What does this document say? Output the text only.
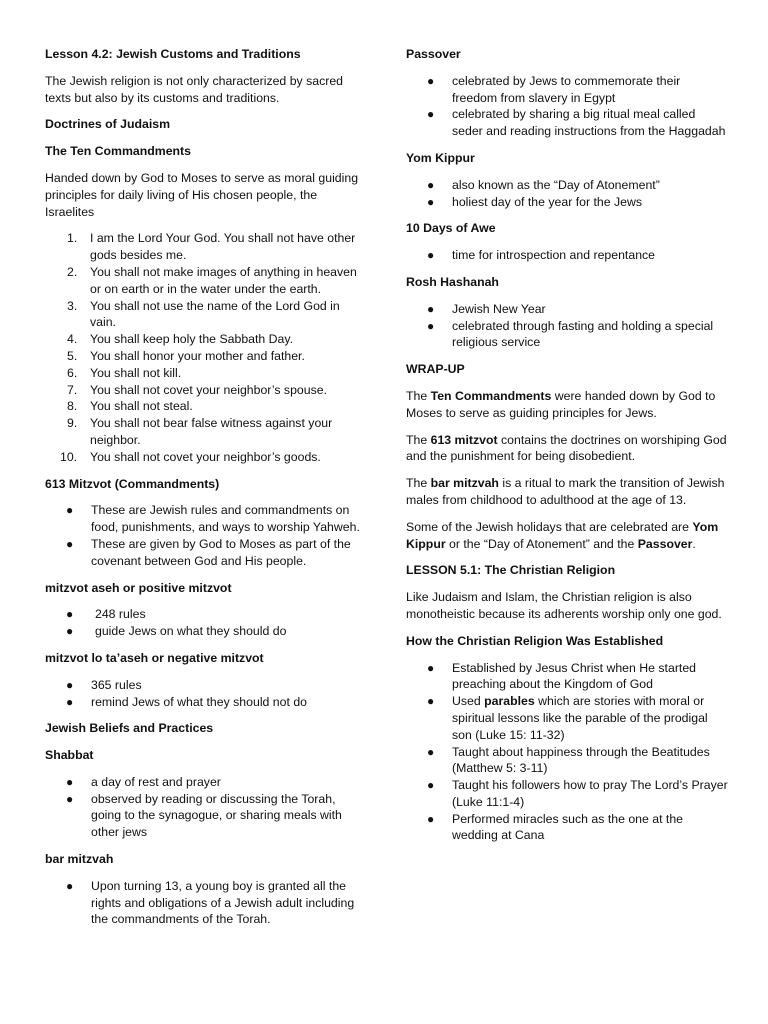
Lesson 4.2: Jewish Customs and Traditions

The Jewish religion is not only characterized by sacred texts but also by its customs and traditions.

Doctrines of Judaism
The Ten Commandments

Handed down by God to Moses to serve as moral guiding principles for daily living of His chosen people, the Israelites

1. I am the Lord Your God. You shall not have other gods besides me.
2. You shall not make images of anything in heaven or on earth or in the water under the earth.
3. You shall not use the name of the Lord God in vain.
4. You shall keep holy the Sabbath Day.
5. You shall honor your mother and father.
6. You shall not kill.
7. You shall not covet your neighbor’s spouse.
8. You shall not steal.
9. You shall not bear false witness against your neighbor.
10. You shall not covet your neighbor’s goods.
613 Mitzvot (Commandments)
● These are Jewish rules and commandments on food, punishments, and ways to worship Yahweh.
● These are given by God to Moses as part of the covenant between God and His people.
mitzvot aseh or positive mitzvot
● 248 rules
● guide Jews on what they should do
mitzvot lo ta’aseh or negative mitzvot
● 365 rules
● remind Jews of what they should not do
Jewish Beliefs and Practices
Shabbat
● a day of rest and prayer
● observed by reading or discussing the Torah, going to the synagogue, or sharing meals with other jews
bar mitzvah
● Upon turning 13, a young boy is granted all the rights and obligations of a Jewish adult including the commandments of the Torah.
Passover
● celebrated by Jews to commemorate their freedom from slavery in Egypt
● celebrated by sharing a big ritual meal called seder and reading instructions from the Haggadah
Yom Kippur
● also known as the “Day of Atonement”
● holiest day of the year for the Jews
10 Days of Awe
● time for introspection and repentance
Rosh Hashanah
● Jewish New Year
● celebrated through fasting and holding a special religious service
WRAP-UP

The Ten Commandments were handed down by God to Moses to serve as guiding principles for Jews.

The 613 mitzvot contains the doctrines on worshiping God and the punishment for being disobedient.

The bar mitzvah is a ritual to mark the transition of Jewish males from childhood to adulthood at the age of 13.

Some of the Jewish holidays that are celebrated are Yom Kippur or the “Day of Atonement” and the Passover.

LESSON 5.1: The Christian Religion

Like Judaism and Islam, the Christian religion is also monotheistic because its adherents worship only one god.

How the Christian Religion Was Established
● Established by Jesus Christ when He started preaching about the Kingdom of God
● Used parables which are stories with moral or spiritual lessons like the parable of the prodigal son (Luke 15: 11-32)
● Taught about happiness through the Beatitudes (Matthew 5: 3-11)
● Taught his followers how to pray The Lord’s Prayer (Luke 11:1-4)
● Performed miracles such as the one at the wedding at Cana
